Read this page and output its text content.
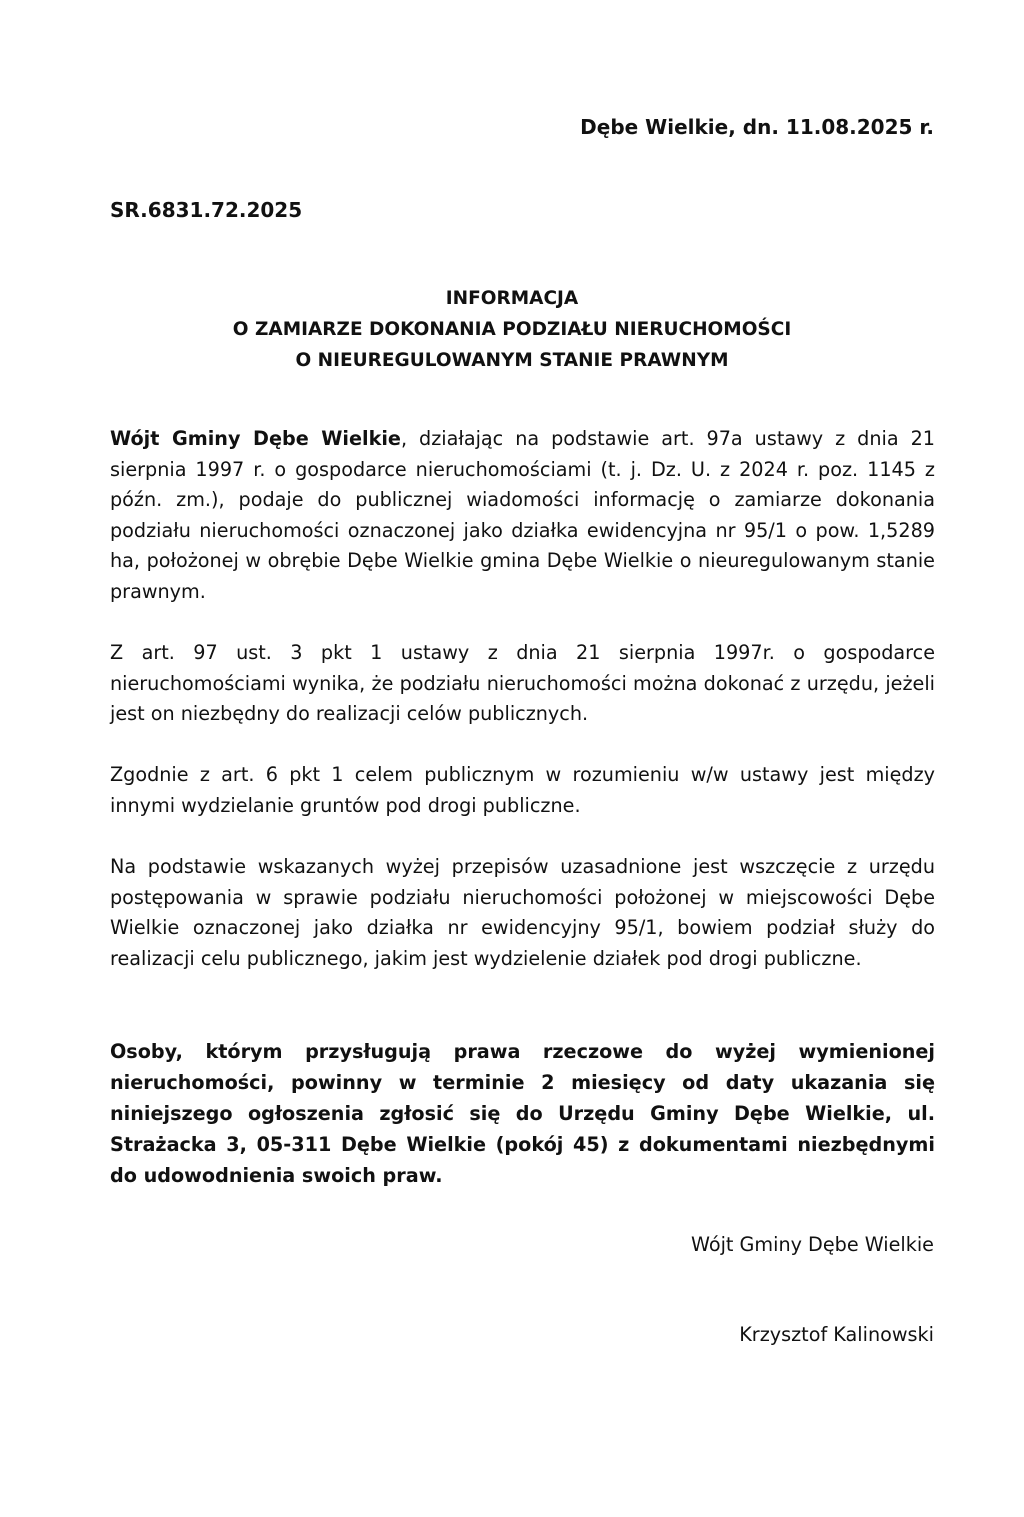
Dębe Wielkie, dn. 11.08.2025 r.
SR.6831.72.2025
INFORMACJA
O ZAMIARZE DOKONANIA PODZIAŁU NIERUCHOMOŚCI
O NIEUREGULOWANYM STANIE PRAWNYM
Wójt Gminy Dębe Wielkie, działając na podstawie art. 97a ustawy z dnia 21 sierpnia 1997 r. o gospodarce nieruchomościami (t. j. Dz. U. z 2024 r. poz. 1145 z późn. zm.), podaje do publicznej wiadomości informację o zamiarze dokonania podziału nieruchomości oznaczonej jako działka ewidencyjna nr 95/1 o pow. 1,5289 ha, położonej w obrębie Dębe Wielkie gmina Dębe Wielkie o nieuregulowanym stanie prawnym.
Z art. 97 ust. 3 pkt 1 ustawy z dnia 21 sierpnia 1997r. o gospodarce nieruchomościami wynika, że podziału nieruchomości można dokonać z urzędu, jeżeli jest on niezbędny do realizacji celów publicznych.
Zgodnie z art. 6 pkt 1 celem publicznym w rozumieniu w/w ustawy jest między innymi wydzielanie gruntów pod drogi publiczne.
Na podstawie wskazanych wyżej przepisów uzasadnione jest wszczęcie z urzędu postępowania w sprawie podziału nieruchomości położonej w miejscowości Dębe Wielkie oznaczonej jako działka nr ewidencyjny 95/1, bowiem podział służy do realizacji celu publicznego, jakim jest wydzielenie działek pod drogi publiczne.
Osoby, którym przysługują prawa rzeczowe do wyżej wymienionej nieruchomości, powinny w terminie 2 miesięcy od daty ukazania się niniejszego ogłoszenia zgłosić się do Urzędu Gminy Dębe Wielkie, ul. Strażacka 3, 05-311 Dębe Wielkie (pokój 45) z dokumentami niezbędnymi do udowodnienia swoich praw.
Wójt Gminy Dębe Wielkie
Krzysztof Kalinowski
